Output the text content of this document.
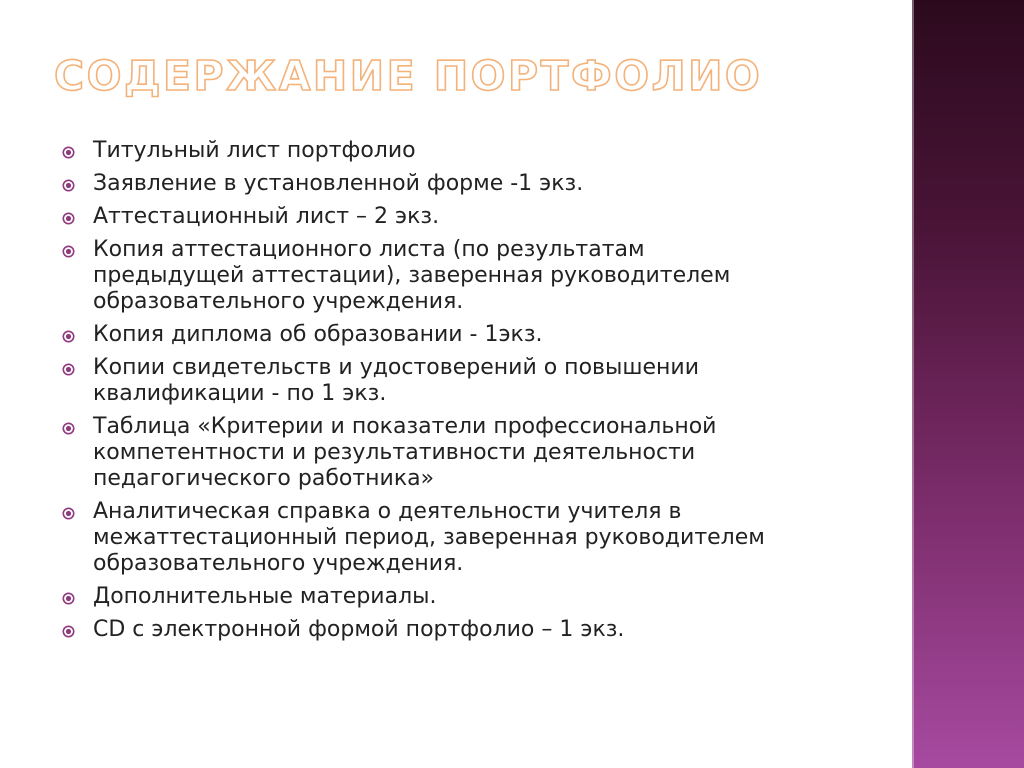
СОДЕРЖАНИЕ ПОРТФОЛИО
Титульный лист портфолио
Заявление в установленной форме -1 экз.
Аттестационный лист – 2 экз.
Копия аттестационного листа (по результатам
предыдущей аттестации), заверенная руководителем
образовательного учреждения.
Копия диплома об образовании - 1экз.
Копии свидетельств и удостоверений о повышении
квалификации - по 1 экз.
Таблица «Критерии и показатели профессиональной
компетентности и результативности деятельности
педагогического работника»
Аналитическая справка о деятельности учителя в
межаттестационный период, заверенная руководителем
образовательного учреждения.
Дополнительные материалы.
CD с электронной формой портфолио – 1 экз.
